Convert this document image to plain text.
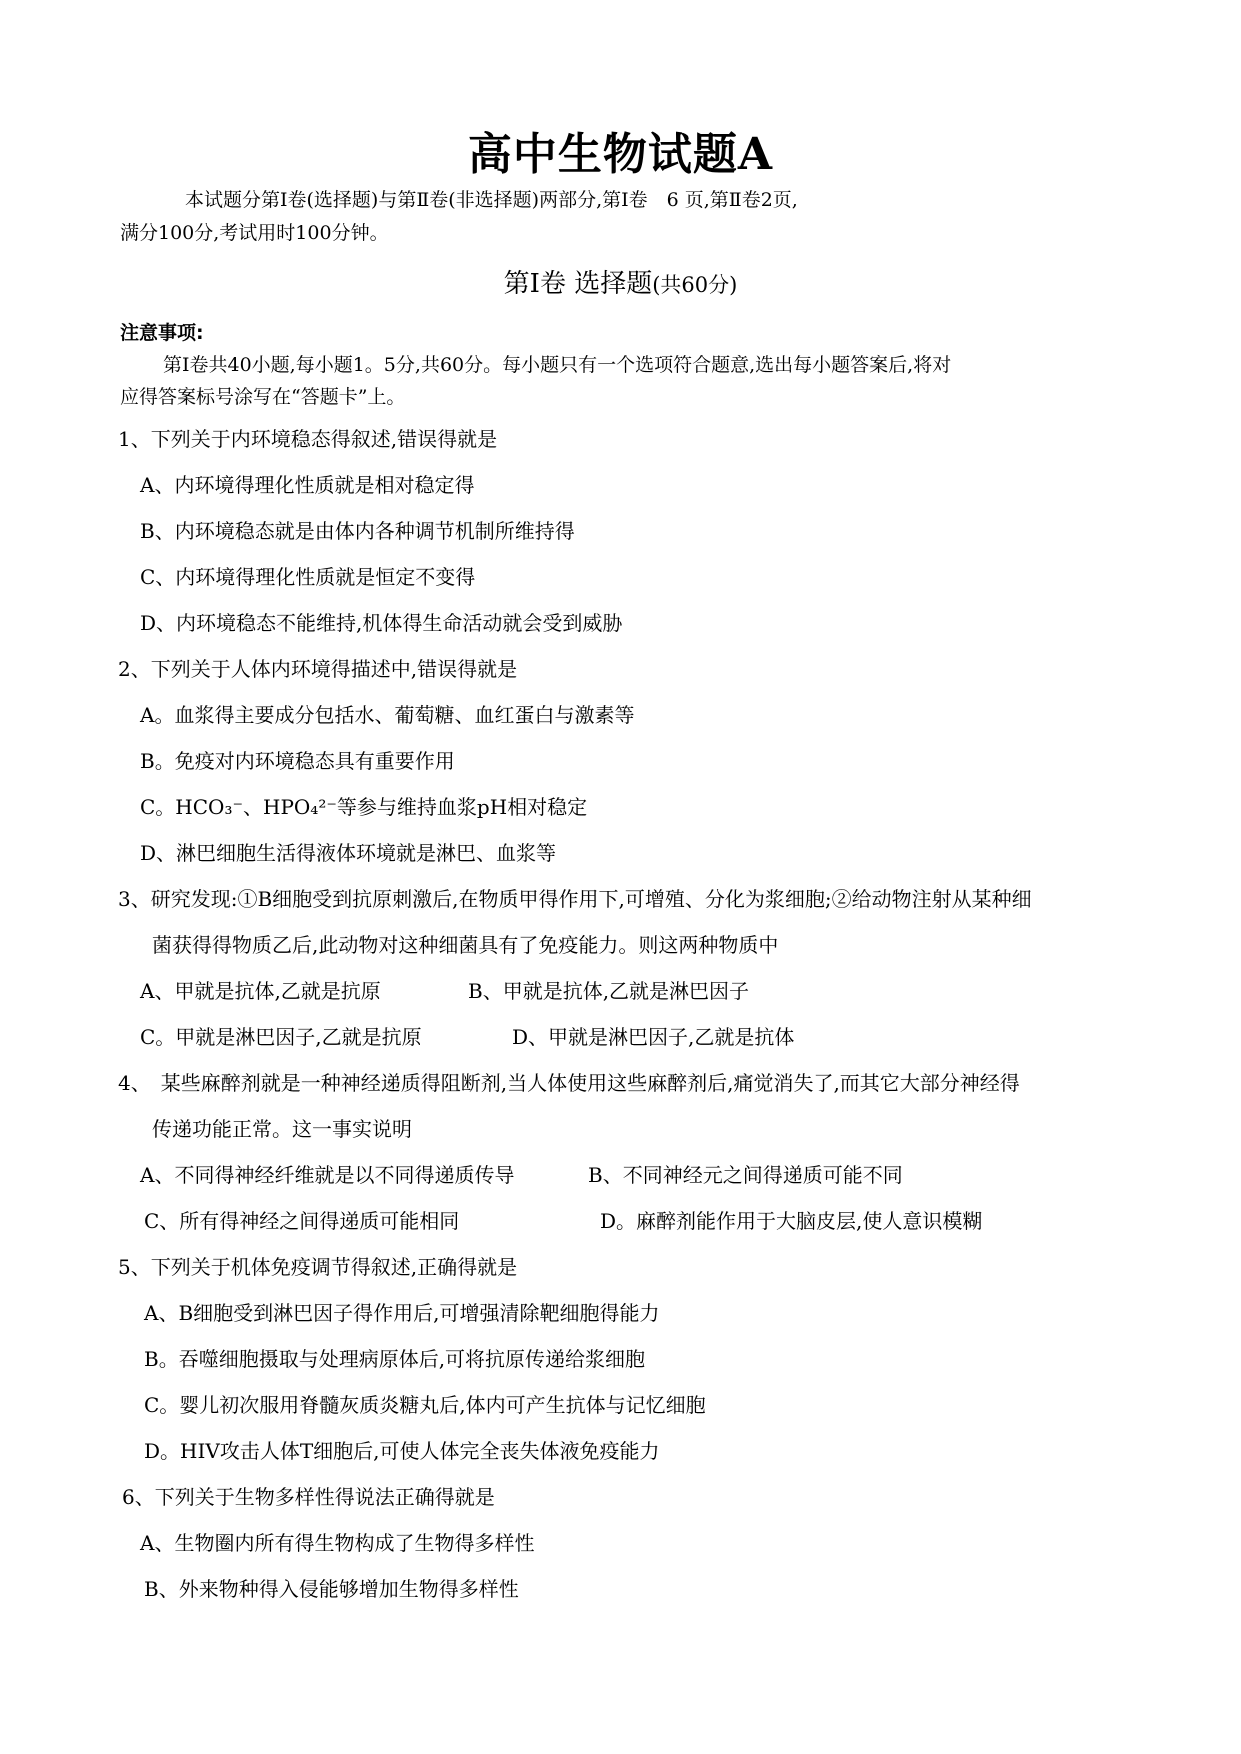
高中生物试题A
本试题分第Ⅰ卷(选择题)与第Ⅱ卷(非选择题)两部分,第Ⅰ卷　6 页,第Ⅱ卷2页,
满分100分,考试用时100分钟。
第Ⅰ卷 选择题(共60分)
注意事项:
第Ⅰ卷共40小题,每小题1。5分,共60分。每小题只有一个选项符合题意,选出每小题答案后,将对
应得答案标号涂写在“答题卡”上。
1、下列关于内环境稳态得叙述,错误得就是
A、内环境得理化性质就是相对稳定得
B、内环境稳态就是由体内各种调节机制所维持得
C、内环境得理化性质就是恒定不变得
D、内环境稳态不能维持,机体得生命活动就会受到威胁
2、下列关于人体内环境得描述中,错误得就是
A。血浆得主要成分包括水、葡萄糖、血红蛋白与激素等
B。免疫对内环境稳态具有重要作用
C。HCO₃⁻、HPO₄²⁻等参与维持血浆pH相对稳定
D、淋巴细胞生活得液体环境就是淋巴、血浆等
3、研究发现:①B细胞受到抗原刺激后,在物质甲得作用下,可增殖、分化为浆细胞;②给动物注射从某种细
菌获得得物质乙后,此动物对这种细菌具有了免疫能力。则这两种物质中
A、甲就是抗体,乙就是抗原	B、甲就是抗体,乙就是淋巴因子
C。甲就是淋巴因子,乙就是抗原	D、甲就是淋巴因子,乙就是抗体
4、　某些麻醉剂就是一种神经递质得阻断剂,当人体使用这些麻醉剂后,痛觉消失了,而其它大部分神经得
传递功能正常。这一事实说明
A、不同得神经纤维就是以不同得递质传导	B、不同神经元之间得递质可能不同
C、所有得神经之间得递质可能相同	D。麻醉剂能作用于大脑皮层,使人意识模糊
5、下列关于机体免疫调节得叙述,正确得就是
A、B细胞受到淋巴因子得作用后,可增强清除靶细胞得能力
B。吞噬细胞摄取与处理病原体后,可将抗原传递给浆细胞
C。婴儿初次服用脊髓灰质炎糖丸后,体内可产生抗体与记忆细胞
D。HIV攻击人体T细胞后,可使人体完全丧失体液免疫能力
6、下列关于生物多样性得说法正确得就是
A、生物圈内所有得生物构成了生物得多样性
B、外来物种得入侵能够增加生物得多样性
